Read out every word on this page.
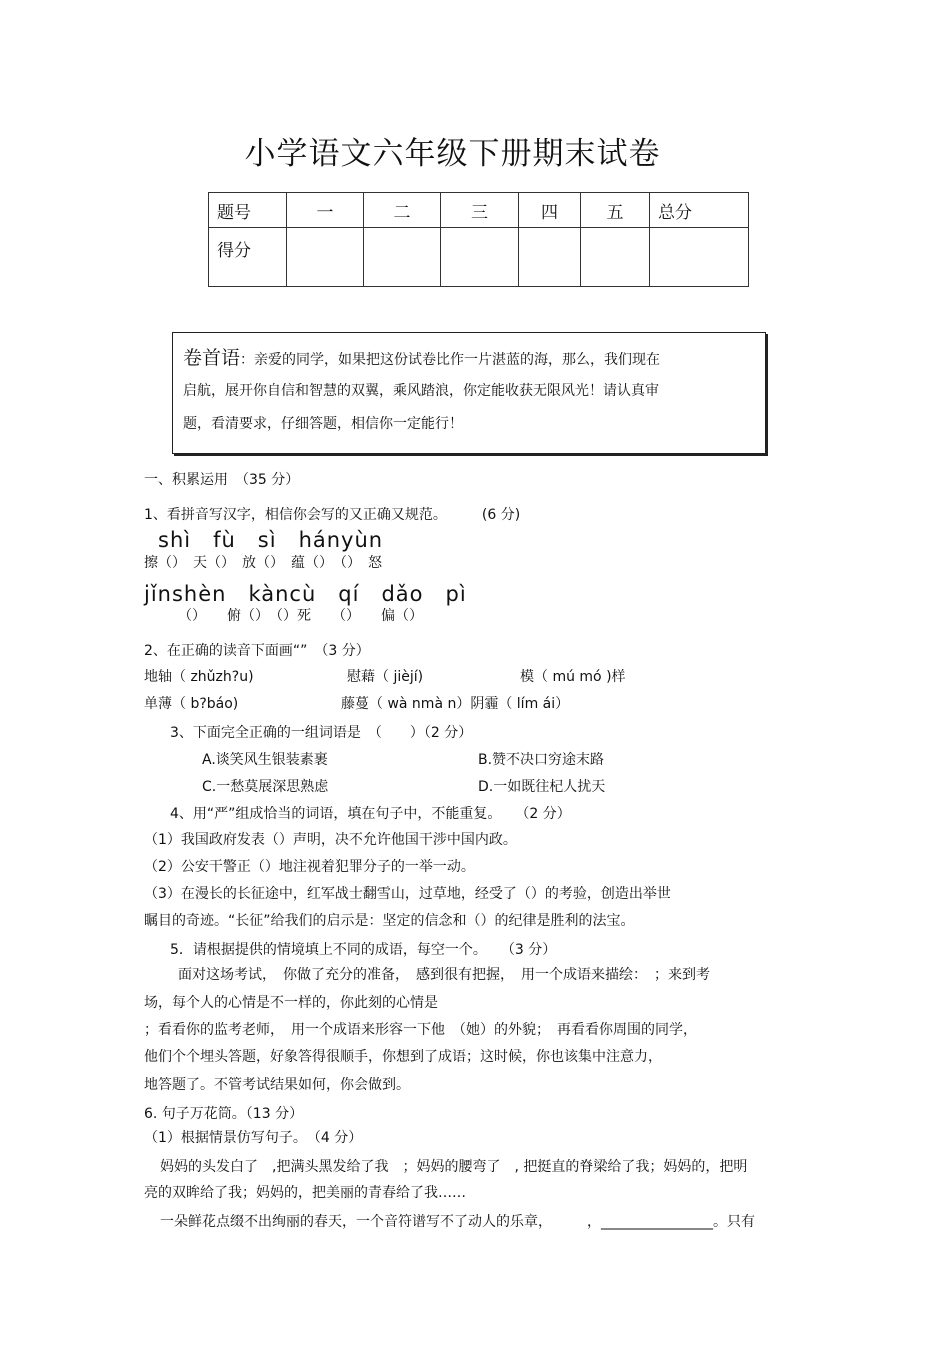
小学语文六年级下册期末试卷
题号	一	二	三	四	五	总分
得分						
卷首语：亲爱的同学，如果把这份试卷比作一片湛蓝的海，那么，我们现在
启航，展开你自信和智慧的双翼，乘风踏浪，你定能收获无限风光！请认真审
题，看清要求，仔细答题，相信你一定能行！
一、积累运用　（35 分）
1、看拼音写汉字，相信你会写的又正确又规范。　　　(6 分)
shì　fù　sì　hányùn
擦（）　天（）　放（）　蕴（）　（）　怒
jǐnshèn　kàncù　qí　dǎo　pì
（）　　俯（）　（）死　　（）　　偏（）
2、在正确的读音下面画“”　（3 分）
地轴（ zhǔzh?u)	慰藉（ jièjí)	模（ mú mó )样
单薄（ b?báo)	藤蔓（ wà nmà n）阴霾（ lím ái）
3、下面完全正确的一组词语是　（　　）（2 分）
A.谈笑风生银装素裹	B.赞不决口穷途末路
C.一愁莫展深思熟虑	D.一如既往杞人扰天
4、用“严”组成恰当的词语，填在句子中，不能重复。　　（2 分）
（1）我国政府发表（）声明，决不允许他国干涉中国内政。
（2）公安干警正（）地注视着犯罪分子的一举一动。
（3）在漫长的长征途中，红军战士翻雪山，过草地，经受了（）的考验，创造出举世
瞩目的奇迹。“长征”给我们的启示是：坚定的信念和（）的纪律是胜利的法宝。
5．请根据提供的情境填上不同的成语，每空一个。　　（3 分）
面对这场考试，　你做了充分的准备，　感到很有把握，　用一个成语来描绘：　；来到考
场，每个人的心情是不一样的，你此刻的心情是
；看看你的监考老师，　用一个成语来形容一下他　（她）的外貌；　再看看你周围的同学，
他们个个埋头答题，好象答得很顺手，你想到了成语；这时候，你也该集中注意力，
地答题了。不管考试结果如何，你会做到。
6. 句子万花筒。（13 分）
（1）根据情景仿写句子。　（4 分）
妈妈的头发白了　,把满头黑发给了我　；妈妈的腰弯了　, 把挺直的脊梁给了我；妈妈的，把明
亮的双眸给了我；妈妈的，把美丽的青春给了我……
一朵鲜花点缀不出绚丽的春天，一个音符谱写不了动人的乐章，　　　，________________。只有
